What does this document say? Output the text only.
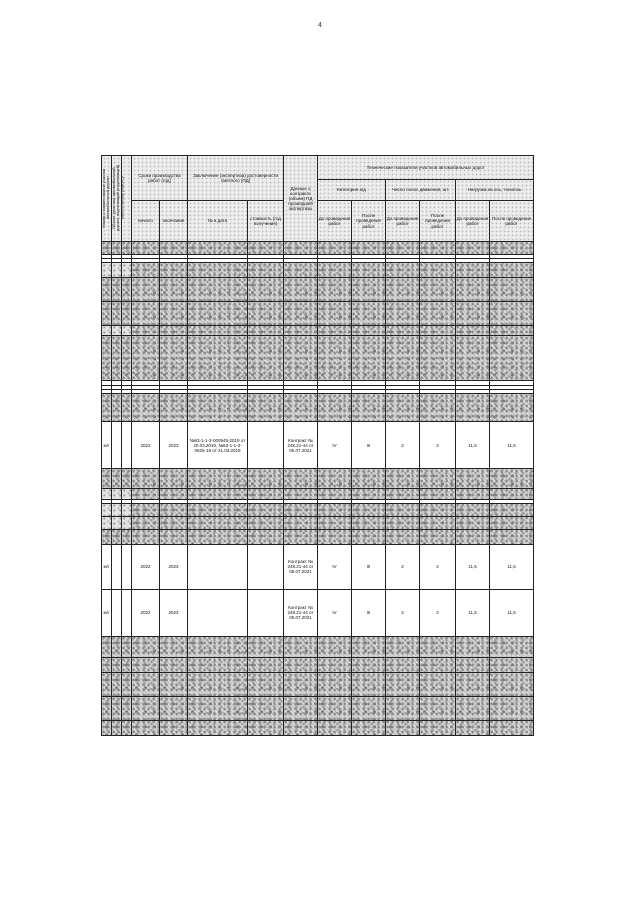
4
Номер и наименование участка автомобильной дороги	Объект (участок) автомобильной дороги, подлежащий (подлежащей) капитальному ремонту		Сроки производства работ (год)		Заключение (экспертиза) достоверности сметного (ПД)		Данные о контракте (объем) ПД прошедшей экспертизы	Технические показатели участков автомобильных дорог					
								Категория а/д		Число полос движения, шт.		Нагрузка на ось, тонн/ось	
			начало	окончание	№ и дата	стоимость (год получения)		До проведения работ	После проведения работ	До проведения работ	После проведения работ	До проведения работ	После проведения работ

м/г			2022	2023	№63-1-1-3-000945-2019 от 20.03.2019, №63-1-1-3-0525-19 от 21.03.2019		Контракт № 248.21-44 от 05.07.2021	IV	III	2	2	11,5	11,5

м/г			2022	2023			Контракт № 248.21-44 от 05.07.2021	IV	III	2	2	11,5	11,5
м/г			2022	2023			Контракт № 248.21-44 от 05.07.2021	IV	III	2	2	11,5	11,5
